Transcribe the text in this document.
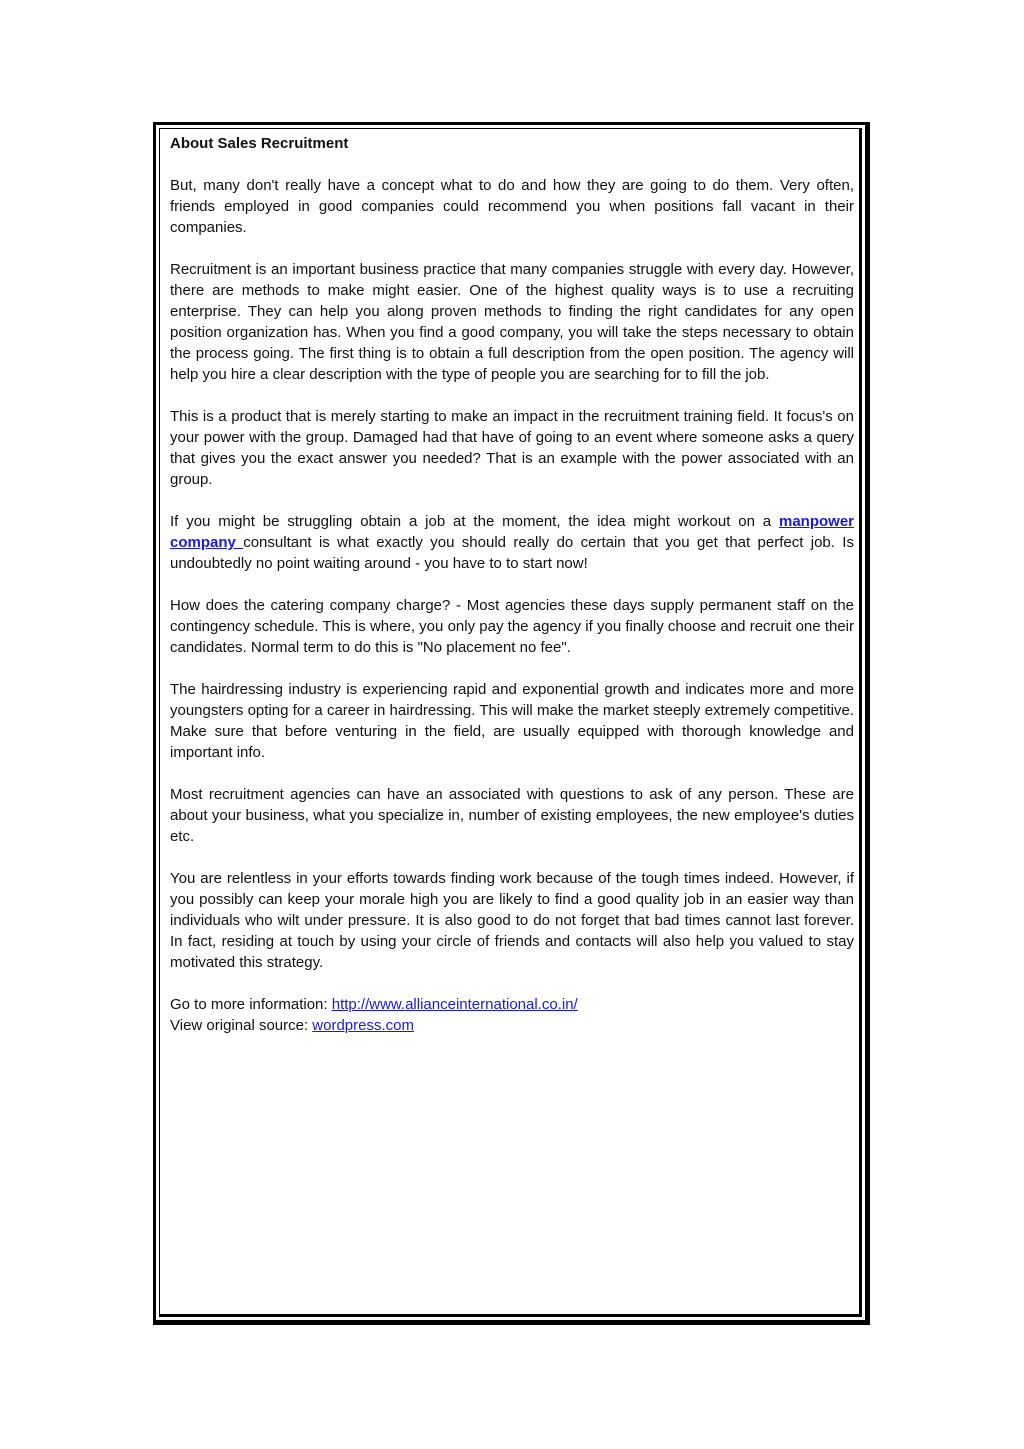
About Sales Recruitment

But, many don't really have a concept what to do and how they are going to do them. Very often, friends employed in good companies could recommend you when positions fall vacant in their companies.

Recruitment is an important business practice that many companies struggle with every day. However, there are methods to make might easier. One of the highest quality ways is to use a recruiting enterprise. They can help you along proven methods to finding the right candidates for any open position organization has. When you find a good company, you will take the steps necessary to obtain the process going. The first thing is to obtain a full description from the open position. The agency will help you hire a clear description with the type of people you are searching for to fill the job.

This is a product that is merely starting to make an impact in the recruitment training field. It focus's on your power with the group. Damaged had that have of going to an event where someone asks a query that gives you the exact answer you needed? That is an example with the power associated with an group.

If you might be struggling obtain a job at the moment, the idea might workout on a manpower company consultant is what exactly you should really do certain that you get that perfect job. Is undoubtedly no point waiting around - you have to to start now!

How does the catering company charge? - Most agencies these days supply permanent staff on the contingency schedule. This is where, you only pay the agency if you finally choose and recruit one their candidates. Normal term to do this is "No placement no fee".

The hairdressing industry is experiencing rapid and exponential growth and indicates more and more youngsters opting for a career in hairdressing. This will make the market steeply extremely competitive. Make sure that before venturing in the field, are usually equipped with thorough knowledge and important info.

Most recruitment agencies can have an associated with questions to ask of any person. These are about your business, what you specialize in, number of existing employees, the new employee's duties etc.

You are relentless in your efforts towards finding work because of the tough times indeed. However, if you possibly can keep your morale high you are likely to find a good quality job in an easier way than individuals who wilt under pressure. It is also good to do not forget that bad times cannot last forever. In fact, residing at touch by using your circle of friends and contacts will also help you valued to stay motivated this strategy.

Go to more information: http://www.allianceinternational.co.in/

View original source: wordpress.com
